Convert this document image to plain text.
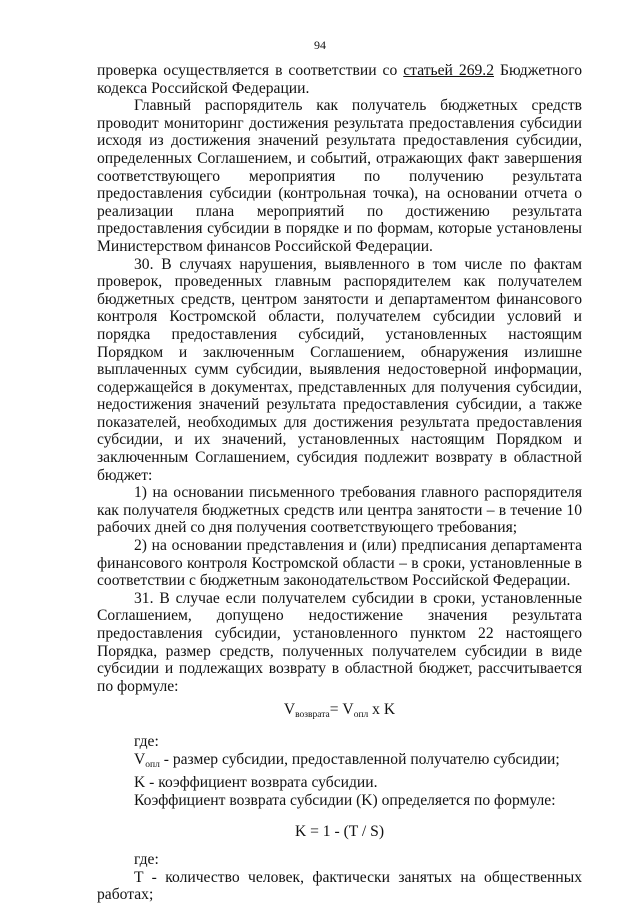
94

проверка осуществляется в соответствии со статьей 269.2 Бюджетного кодекса Российской Федерации.

Главный распорядитель как получатель бюджетных средств проводит мониторинг достижения результата предоставления субсидии исходя из достижения значений результата предоставления субсидии, определенных Соглашением, и событий, отражающих факт завершения соответствующего мероприятия по получению результата предоставления субсидии (контрольная точка), на основании отчета о реализации плана мероприятий по достижению результата предоставления субсидии в порядке и по формам, которые установлены Министерством финансов Российской Федерации.

30. В случаях нарушения, выявленного в том числе по фактам проверок, проведенных главным распорядителем как получателем бюджетных средств, центром занятости и департаментом финансового контроля Костромской области, получателем субсидии условий и порядка предоставления субсидий, установленных настоящим Порядком и заключенным Соглашением, обнаружения излишне выплаченных сумм субсидии, выявления недостоверной информации, содержащейся в документах, представленных для получения субсидии, недостижения значений результата предоставления субсидии, а также показателей, необходимых для достижения результата предоставления субсидии, и их значений, установленных настоящим Порядком и заключенным Соглашением, субсидия подлежит возврату в областной бюджет:

1) на основании письменного требования главного распорядителя как получателя бюджетных средств или центра занятости – в течение 10 рабочих дней со дня получения соответствующего требования;

2) на основании представления и (или) предписания департамента финансового контроля Костромской области – в сроки, установленные в соответствии с бюджетным законодательством Российской Федерации.

31. В случае если получателем субсидии в сроки, установленные Соглашением, допущено недостижение значения результата предоставления субсидии, установленного пунктом 22 настоящего Порядка, размер средств, полученных получателем субсидии в виде субсидии и подлежащих возврату в областной бюджет, рассчитывается по формуле:

$V_{возврата}= V_{опл}$ x K

где:

$V_{опл}$ - размер субсидии, предоставленной получателю субсидии;

K - коэффициент возврата субсидии.

Коэффициент возврата субсидии (K) определяется по формуле:

K = 1 - (T / S)

где:

T - количество человек, фактически занятых на общественных работах;
